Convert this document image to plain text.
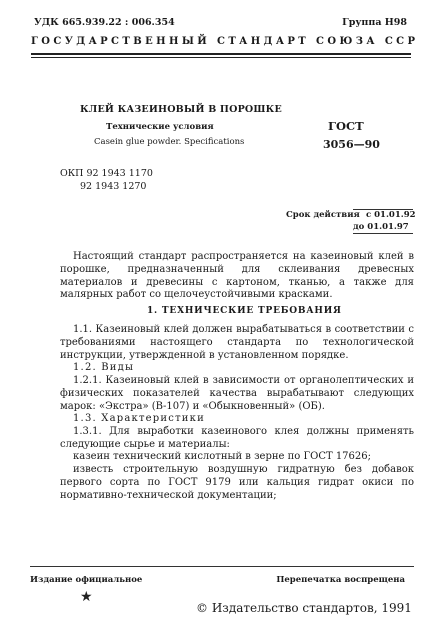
УДК 665.939.22 : 006.354	Группа Н98
ГОСУДАРСТВЕННЫЙ СТАНДАРТ СОЮЗА ССР
КЛЕЙ КАЗЕИНОВЫЙ В ПОРОШКЕ
Технические условия
Casein glue powder. Specifications
ГОСТ
3056—90
ОКП 92 1943 1170
92 1943 1270
Срок действия с 01.01.92
до 01.01.97

Настоящий стандарт распространяется на казеиновый клей в порошке, предназначенный для склеивания древесных материалов и древесины с картоном, тканью, а также для малярных работ со щелочеустойчивыми красками.

1. ТЕХНИЧЕСКИЕ ТРЕБОВАНИЯ

1.1. Казеиновый клей должен вырабатываться в соответствии с требованиями настоящего стандарта по технологической инструкции, утвержденной в установленном порядке.

1.2. Виды

1.2.1. Казеиновый клей в зависимости от органолептических и физических показателей качества вырабатывают следующих марок: «Экстра» (В-107) и «Обыкновенный» (ОБ).

1.3. Характеристики

1.3.1. Для выработки казеинового клея должны применять следующие сырье и материалы:

казеин технический кислотный в зерне по ГОСТ 17626;

известь строительную воздушную гидратную без добавок первого сорта по ГОСТ 9179 или кальция гидрат окиси по нормативно-технической документации;

Издание официальное	Перепечатка воспрещена
★
© Издательство стандартов, 1991
